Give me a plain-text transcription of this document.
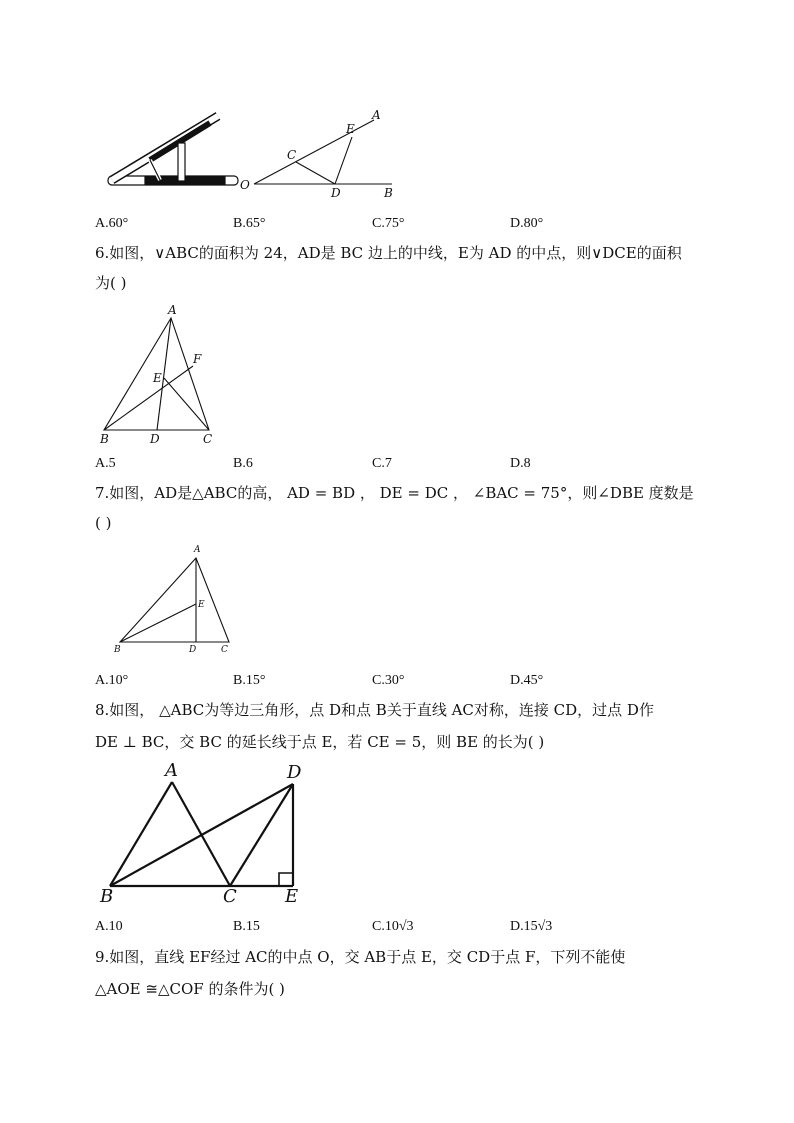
A
E
C
O
D	B
A.60°	B.65°	C.75°	D.80°
6.如图，∨ABC的面积为 24，AD是 BC 边上的中线，E为 AD 的中点，则∨DCE的面积
为( )
A
F
E
B	D	C
A.5	B.6	C.7	D.8
7.如图，AD是△ABC的高， AD = BD ， DE = DC ， ∠BAC = 75°，则∠DBE 度数是
( )
A
E
B	D	C
A.10°	B.15°	C.30°	D.45°
8.如图， △ABC为等边三角形，点 D和点 B关于直线 AC对称，连接 CD，过点 D作
DE ⊥ BC，交 BC 的延长线于点 E，若 CE = 5，则 BE 的长为( )
A	D
B	C	E
A.10	B.15	C.10√3	D.15√3
9.如图，直线 EF经过 AC的中点 O，交 AB于点 E，交 CD于点 F，下列不能使
△AOE ≅△COF 的条件为( )
